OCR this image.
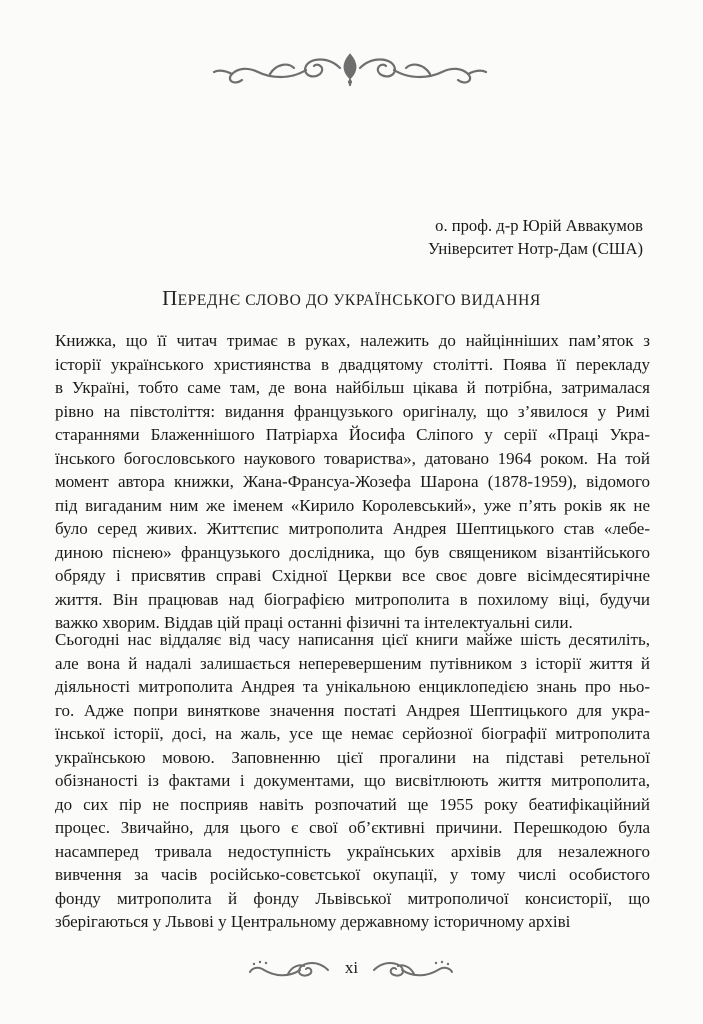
о. проф. д-р Юрій Аввакумов
Університет Нотр-Дам (США)
ПЕРЕДНЄ СЛОВО ДО УКРАЇНСЬКОГО ВИДАННЯ
Книжка, що її читач тримає в руках, належить до найцінніших пам’яток з
історії українського християнства в двадцятому столітті. Поява її перекладу
в Україні, тобто саме там, де вона найбільш цікава й потрібна, затрималася
рівно на півстоліття: видання французького оригіналу, що з’явилося у Римі
стараннями Блаженнішого Патріарха Йосифа Сліпого у серії «Праці Укра-
їнського богословського наукового товариства», датовано 1964 роком. На той
момент автора книжки, Жана-Франсуа-Жозефа Шарона (1878-1959), відомого
під вигаданим ним же іменем «Кирило Королевський», уже п’ять років як не
було серед живих. Життєпис митрополита Андрея Шептицького став «лебе-
диною піснею» французького дослідника, що був священиком візантійського
обряду і присвятив справі Східної Церкви все своє довге вісімдесятирічне
життя. Він працював над біографією митрополита в похилому віці, будучи
важко хворим. Віддав цій праці останні фізичні та інтелектуальні сили.
Сьогодні нас віддаляє від часу написання цієї книги майже шість десятиліть,
але вона й надалі залишається неперевершеним путівником з історії життя й
діяльності митрополита Андрея та унікальною енциклопедією знань про ньо-
го. Адже попри виняткове значення постаті Андрея Шептицького для укра-
їнської історії, досі, на жаль, усе ще немає серйозної біографії митрополита
українською мовою. Заповненню цієї прогалини на підставі ретельної
обізнаності із фактами і документами, що висвітлюють життя митрополита,
до сих пір не посприяв навіть розпочатий ще 1955 року беатифікаційний
процес. Звичайно, для цього є свої об’єктивні причини. Перешкодою була
насамперед тривала недоступність українських архівів для незалежного
вивчення за часів російсько-совєтської окупації, у тому числі особистого
фонду митрополита й фонду Львівської митрополичої консисторії, що
зберігаються у Львові у Центральному державному історичному архіві
xi
